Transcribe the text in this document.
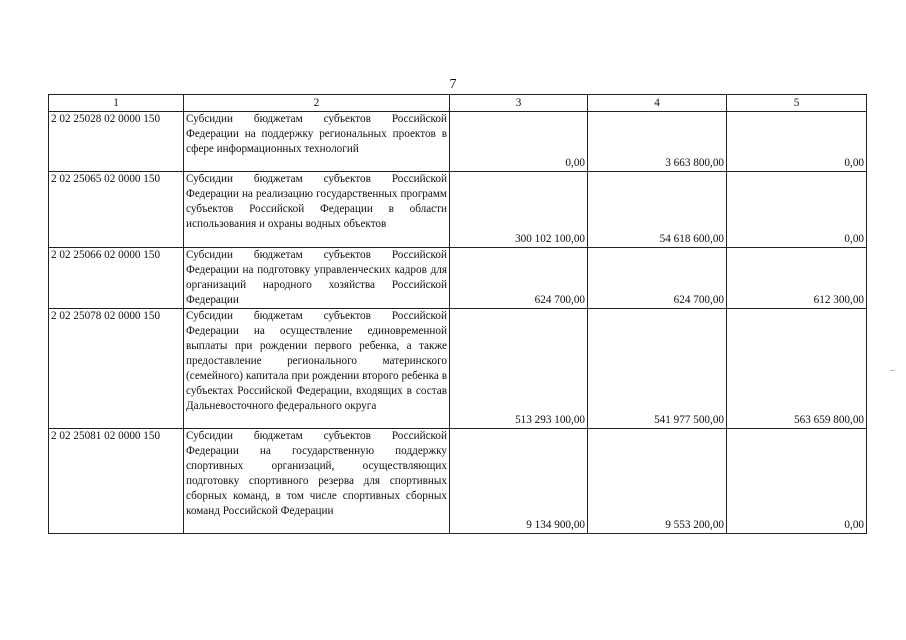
7
1	2	3	4	5
2 02 25028 02 0000 150	Субсидии бюджетам субъектов Российской Федерации на поддержку региональных проектов в сфере информационных технологий	0,00	3 663 800,00	0,00
2 02 25065 02 0000 150	Субсидии бюджетам субъектов Российской Федерации на реализацию государственных программ субъектов Российской Федерации в области использования и охраны водных объектов	300 102 100,00	54 618 600,00	0,00
2 02 25066 02 0000 150	Субсидии бюджетам субъектов Российской Федерации на подготовку управленческих кадров для организаций народного хозяйства Российской Федерации	624 700,00	624 700,00	612 300,00
2 02 25078 02 0000 150	Субсидии бюджетам субъектов Российской Федерации на осуществление единовременной выплаты при рождении первого ребенка, а также предоставление регионального материнского (семейного) капитала при рождении второго ребенка в субъектах Российской Федерации, входящих в состав Дальневосточного федерального округа	513 293 100,00	541 977 500,00	563 659 800,00
2 02 25081 02 0000 150	Субсидии бюджетам субъектов Российской Федерации на государственную поддержку спортивных организаций, осуществляющих подготовку спортивного резерва для спортивных сборных команд, в том числе спортивных сборных команд Российской Федерации	9 134 900,00	9 553 200,00	0,00
